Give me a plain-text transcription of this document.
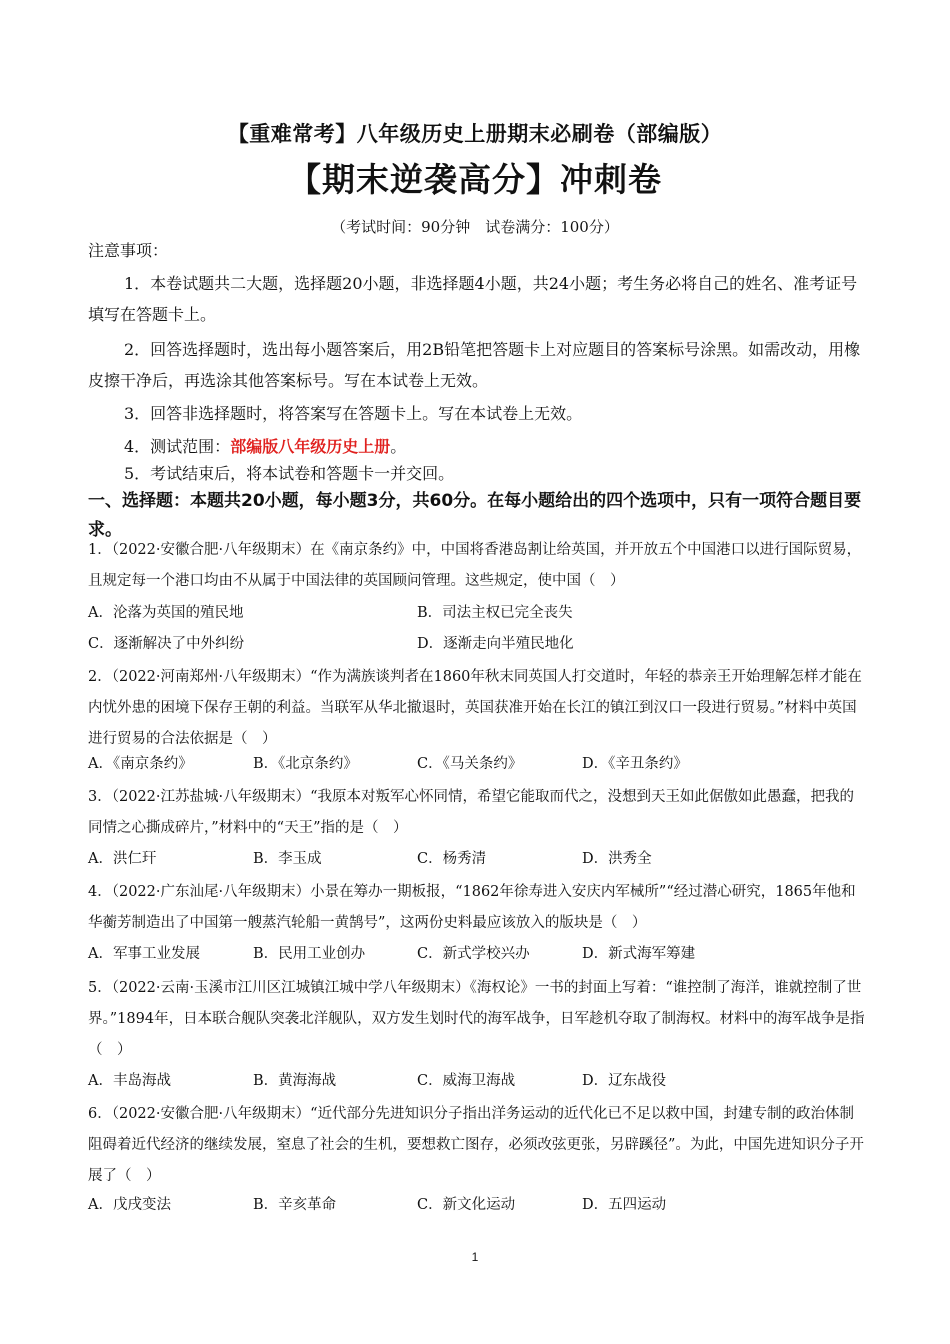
【重难常考】八年级历史上册期末必刷卷（部编版）
【期末逆袭高分】冲刺卷
（考试时间：90分钟　试卷满分：100分）
注意事项：
1．本卷试题共二大题，选择题20小题，非选择题4小题，共24小题；考生务必将自己的姓名、准考证号填写在答题卡上。
2．回答选择题时，选出每小题答案后，用2B铅笔把答题卡上对应题目的答案标号涂黑。如需改动，用橡皮擦干净后，再选涂其他答案标号。写在本试卷上无效。
3．回答非选择题时，将答案写在答题卡上。写在本试卷上无效。
4．测试范围：部编版八年级历史上册。
5．考试结束后，将本试卷和答题卡一并交回。
一、选择题：本题共20小题，每小题3分，共60分。在每小题给出的四个选项中，只有一项符合题目要求。
1．（2022·安徽合肥·八年级期末）在《南京条约》中，中国将香港岛割让给英国，并开放五个中国港口以进行国际贸易，且规定每一个港口均由不从属于中国法律的英国顾问管理。这些规定，使中国（　）
A．沦落为英国的殖民地	B．司法主权已完全丧失
C．逐渐解决了中外纠纷	D．逐渐走向半殖民地化
2．（2022·河南郑州·八年级期末）“作为满族谈判者在1860年秋末同英国人打交道时，年轻的恭亲王开始理解怎样才能在内忧外患的困境下保存王朝的利益。当联军从华北撤退时，英国获准开始在长江的镇江到汉口一段进行贸易。”材料中英国进行贸易的合法依据是（　）
A．《南京条约》	B．《北京条约》	C．《马关条约》	D．《辛丑条约》
3．（2022·江苏盐城·八年级期末）“我原本对叛军心怀同情，希望它能取而代之，没想到天王如此倨傲如此愚蠢，把我的同情之心撕成碎片，”材料中的“天王”指的是（　）
A．洪仁玕	B．李玉成	C．杨秀清	D．洪秀全
4．（2022·广东汕尾·八年级期末）小景在筹办一期板报，“1862年徐寿进入安庆内军械所”“经过潜心研究，1865年他和华蘅芳制造出了中国第一艘蒸汽轮船一黄鹄号”，这两份史料最应该放入的版块是（　）
A．军事工业发展	B．民用工业创办	C．新式学校兴办	D．新式海军筹建
5．（2022·云南·玉溪市江川区江城镇江城中学八年级期末）《海权论》一书的封面上写着：“谁控制了海洋，谁就控制了世界。”1894年，日本联合舰队突袭北洋舰队，双方发生划时代的海军战争，日军趁机夺取了制海权。材料中的海军战争是指（　）
A．丰岛海战	B．黄海海战	C．威海卫海战	D．辽东战役
6．（2022·安徽合肥·八年级期末）“近代部分先进知识分子指出洋务运动的近代化已不足以救中国，封建专制的政治体制阻碍着近代经济的继续发展，窒息了社会的生机，要想救亡图存，必须改弦更张，另辟蹊径”。为此，中国先进知识分子开展了（　）
A．戊戌变法	B．辛亥革命	C．新文化运动	D．五四运动
1
